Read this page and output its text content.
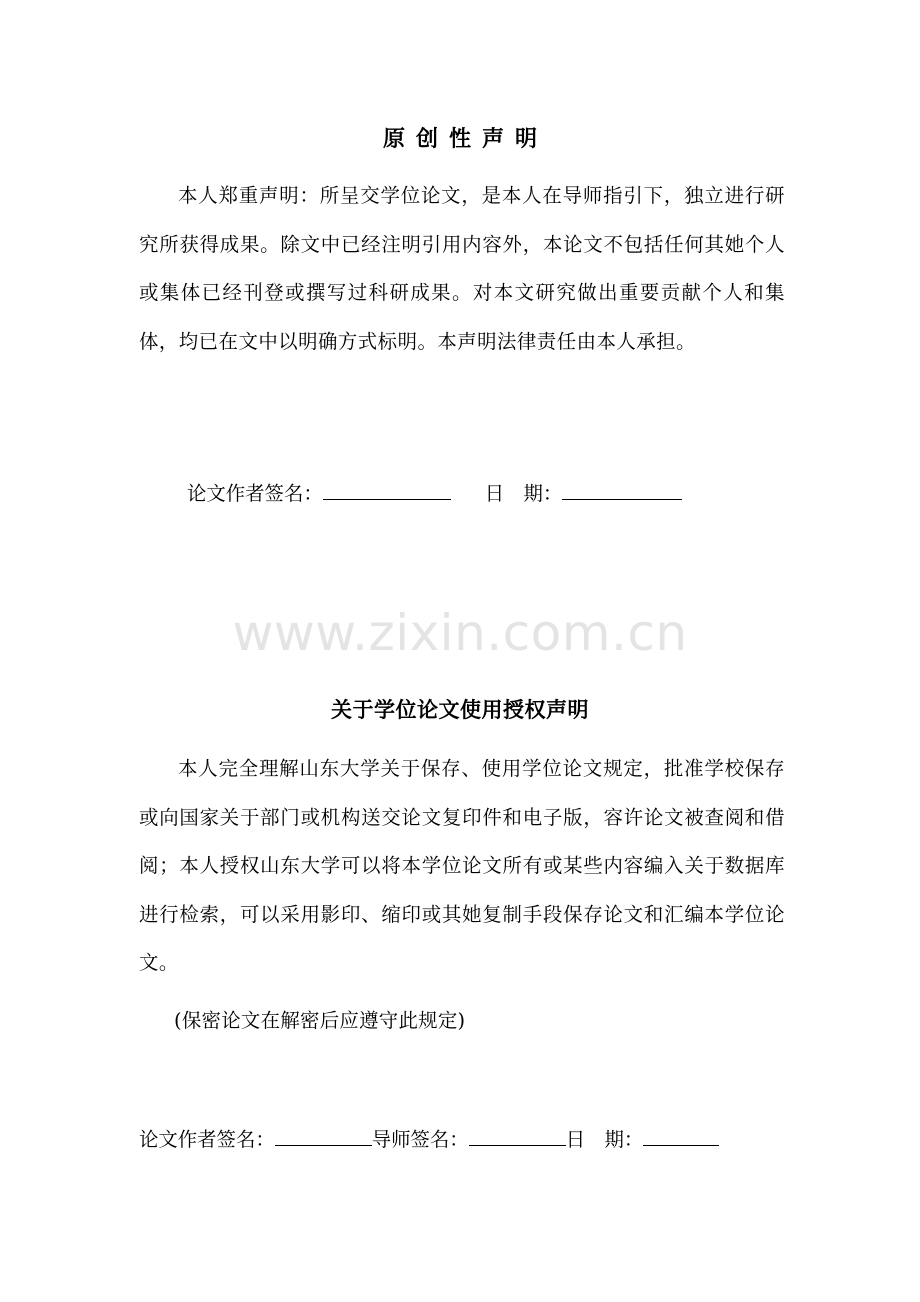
原创性声明

本人郑重声明：所呈交学位论文，是本人在导师指引下，独立进行研究所获得成果。除文中已经注明引用内容外，本论文不包括任何其她个人或集体已经刊登或撰写过科研成果。对本文研究做出重要贡献个人和集体，均已在文中以明确方式标明。本声明法律责任由本人承担。

论文作者签名：	日　期：
www.zixin.com.cn
关于学位论文使用授权声明

本人完全理解山东大学关于保存、使用学位论文规定，批准学校保存或向国家关于部门或机构送交论文复印件和电子版，容许论文被查阅和借阅；本人授权山东大学可以将本学位论文所有或某些内容编入关于数据库进行检索，可以采用影印、缩印或其她复制手段保存论文和汇编本学位论文。

(保密论文在解密后应遵守此规定)
论文作者签名：	导师签名：	日　期：
